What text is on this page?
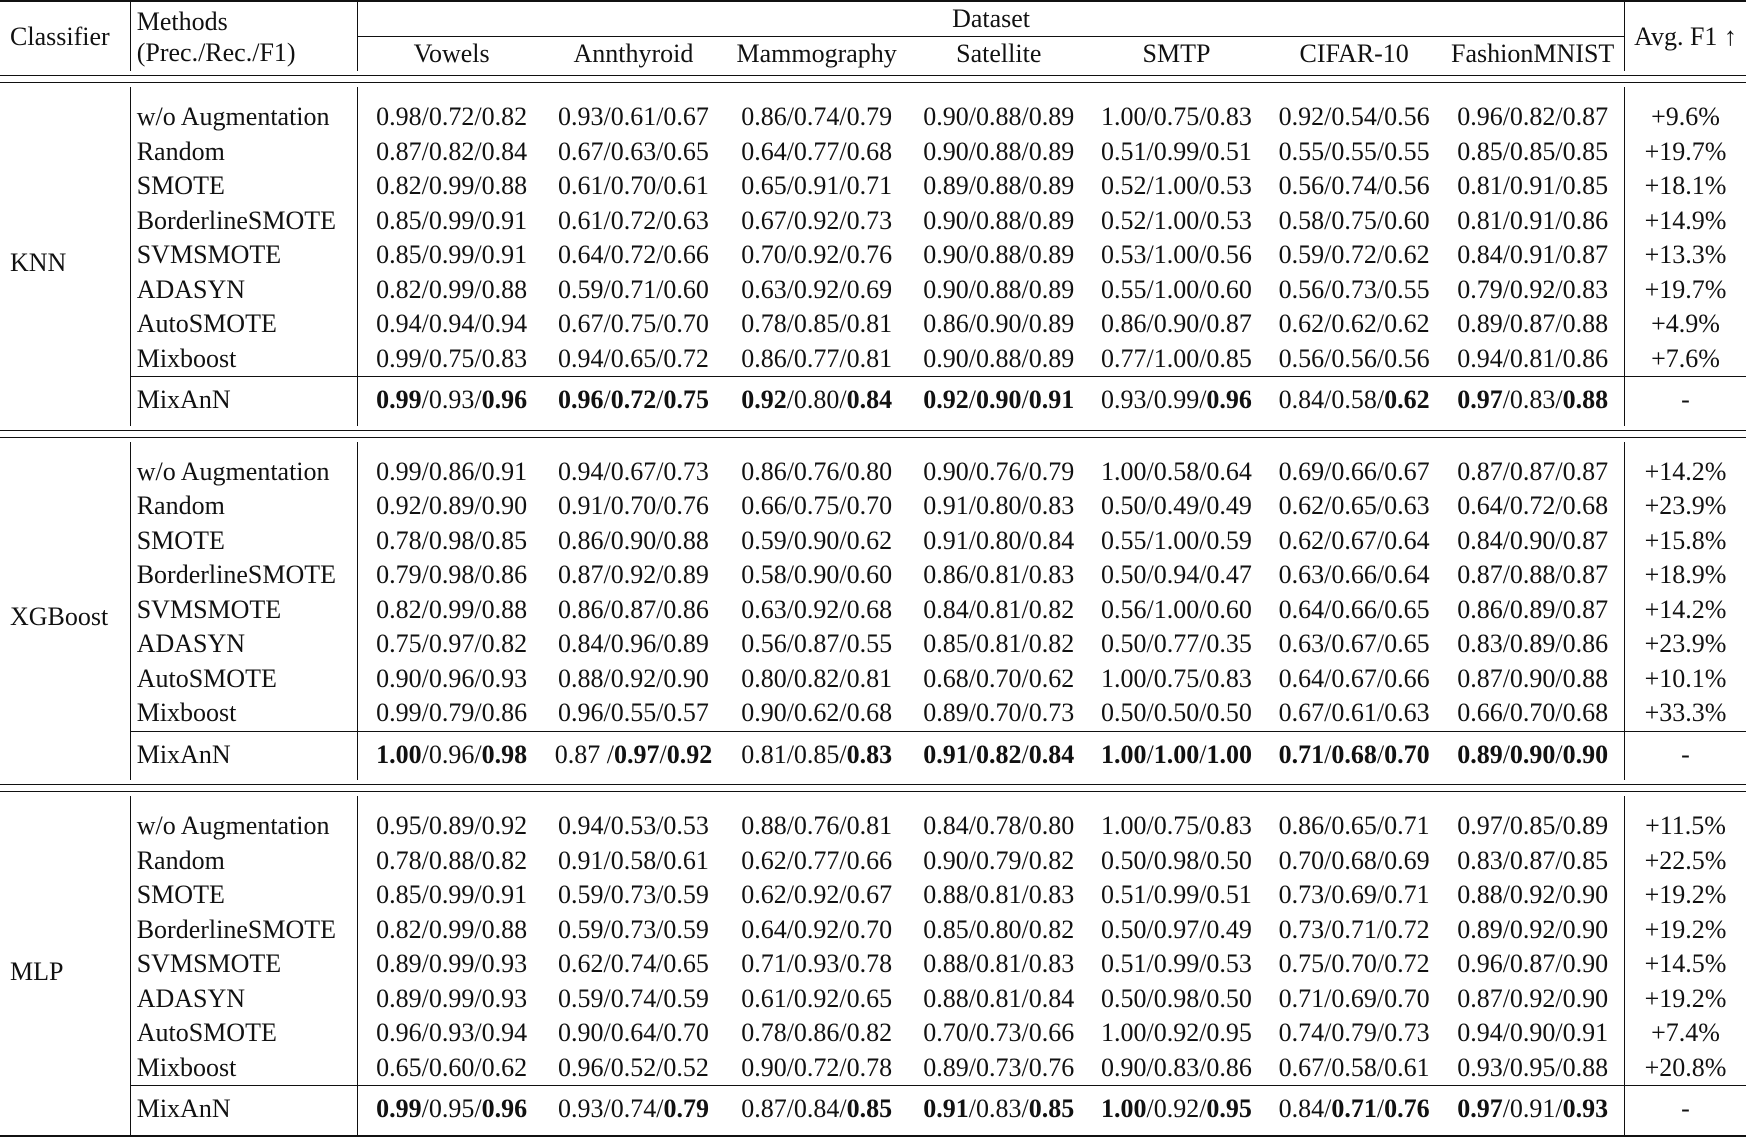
Classifier	Methods
(Prec./Rec./F1)	Dataset							Avg. F1 ↑
		Vowels	Annthyroid	Mammography	Satellite	SMTP	CIFAR-10	FashionMNIST	

KNN	w/o Augmentation	0.98/0.72/0.82	0.93/0.61/0.67	0.86/0.74/0.79	0.90/0.88/0.89	1.00/0.75/0.83	0.92/0.54/0.56	0.96/0.82/0.87	+9.6%
	Random	0.87/0.82/0.84	0.67/0.63/0.65	0.64/0.77/0.68	0.90/0.88/0.89	0.51/0.99/0.51	0.55/0.55/0.55	0.85/0.85/0.85	+19.7%
	SMOTE	0.82/0.99/0.88	0.61/0.70/0.61	0.65/0.91/0.71	0.89/0.88/0.89	0.52/1.00/0.53	0.56/0.74/0.56	0.81/0.91/0.85	+18.1%
	BorderlineSMOTE	0.85/0.99/0.91	0.61/0.72/0.63	0.67/0.92/0.73	0.90/0.88/0.89	0.52/1.00/0.53	0.58/0.75/0.60	0.81/0.91/0.86	+14.9%
	SVMSMOTE	0.85/0.99/0.91	0.64/0.72/0.66	0.70/0.92/0.76	0.90/0.88/0.89	0.53/1.00/0.56	0.59/0.72/0.62	0.84/0.91/0.87	+13.3%
	ADASYN	0.82/0.99/0.88	0.59/0.71/0.60	0.63/0.92/0.69	0.90/0.88/0.89	0.55/1.00/0.60	0.56/0.73/0.55	0.79/0.92/0.83	+19.7%
	AutoSMOTE	0.94/0.94/0.94	0.67/0.75/0.70	0.78/0.85/0.81	0.86/0.90/0.89	0.86/0.90/0.87	0.62/0.62/0.62	0.89/0.87/0.88	+4.9%
	Mixboost	0.99/0.75/0.83	0.94/0.65/0.72	0.86/0.77/0.81	0.90/0.88/0.89	0.77/1.00/0.85	0.56/0.56/0.56	0.94/0.81/0.86	+7.6%
	MixAnN	0.99/0.93/0.96	0.96/0.72/0.75	0.92/0.80/0.84	0.92/0.90/0.91	0.93/0.99/0.96	0.84/0.58/0.62	0.97/0.83/0.88	-

XGBoost	w/o Augmentation	0.99/0.86/0.91	0.94/0.67/0.73	0.86/0.76/0.80	0.90/0.76/0.79	1.00/0.58/0.64	0.69/0.66/0.67	0.87/0.87/0.87	+14.2%
	Random	0.92/0.89/0.90	0.91/0.70/0.76	0.66/0.75/0.70	0.91/0.80/0.83	0.50/0.49/0.49	0.62/0.65/0.63	0.64/0.72/0.68	+23.9%
	SMOTE	0.78/0.98/0.85	0.86/0.90/0.88	0.59/0.90/0.62	0.91/0.80/0.84	0.55/1.00/0.59	0.62/0.67/0.64	0.84/0.90/0.87	+15.8%
	BorderlineSMOTE	0.79/0.98/0.86	0.87/0.92/0.89	0.58/0.90/0.60	0.86/0.81/0.83	0.50/0.94/0.47	0.63/0.66/0.64	0.87/0.88/0.87	+18.9%
	SVMSMOTE	0.82/0.99/0.88	0.86/0.87/0.86	0.63/0.92/0.68	0.84/0.81/0.82	0.56/1.00/0.60	0.64/0.66/0.65	0.86/0.89/0.87	+14.2%
	ADASYN	0.75/0.97/0.82	0.84/0.96/0.89	0.56/0.87/0.55	0.85/0.81/0.82	0.50/0.77/0.35	0.63/0.67/0.65	0.83/0.89/0.86	+23.9%
	AutoSMOTE	0.90/0.96/0.93	0.88/0.92/0.90	0.80/0.82/0.81	0.68/0.70/0.62	1.00/0.75/0.83	0.64/0.67/0.66	0.87/0.90/0.88	+10.1%
	Mixboost	0.99/0.79/0.86	0.96/0.55/0.57	0.90/0.62/0.68	0.89/0.70/0.73	0.50/0.50/0.50	0.67/0.61/0.63	0.66/0.70/0.68	+33.3%
	MixAnN	1.00/0.96/0.98	0.87 /0.97/0.92	0.81/0.85/0.83	0.91/0.82/0.84	1.00/1.00/1.00	0.71/0.68/0.70	0.89/0.90/0.90	-

MLP	w/o Augmentation	0.95/0.89/0.92	0.94/0.53/0.53	0.88/0.76/0.81	0.84/0.78/0.80	1.00/0.75/0.83	0.86/0.65/0.71	0.97/0.85/0.89	+11.5%
	Random	0.78/0.88/0.82	0.91/0.58/0.61	0.62/0.77/0.66	0.90/0.79/0.82	0.50/0.98/0.50	0.70/0.68/0.69	0.83/0.87/0.85	+22.5%
	SMOTE	0.85/0.99/0.91	0.59/0.73/0.59	0.62/0.92/0.67	0.88/0.81/0.83	0.51/0.99/0.51	0.73/0.69/0.71	0.88/0.92/0.90	+19.2%
	BorderlineSMOTE	0.82/0.99/0.88	0.59/0.73/0.59	0.64/0.92/0.70	0.85/0.80/0.82	0.50/0.97/0.49	0.73/0.71/0.72	0.89/0.92/0.90	+19.2%
	SVMSMOTE	0.89/0.99/0.93	0.62/0.74/0.65	0.71/0.93/0.78	0.88/0.81/0.83	0.51/0.99/0.53	0.75/0.70/0.72	0.96/0.87/0.90	+14.5%
	ADASYN	0.89/0.99/0.93	0.59/0.74/0.59	0.61/0.92/0.65	0.88/0.81/0.84	0.50/0.98/0.50	0.71/0.69/0.70	0.87/0.92/0.90	+19.2%
	AutoSMOTE	0.96/0.93/0.94	0.90/0.64/0.70	0.78/0.86/0.82	0.70/0.73/0.66	1.00/0.92/0.95	0.74/0.79/0.73	0.94/0.90/0.91	+7.4%
	Mixboost	0.65/0.60/0.62	0.96/0.52/0.52	0.90/0.72/0.78	0.89/0.73/0.76	0.90/0.83/0.86	0.67/0.58/0.61	0.93/0.95/0.88	+20.8%
	MixAnN	0.99/0.95/0.96	0.93/0.74/0.79	0.87/0.84/0.85	0.91/0.83/0.85	1.00/0.92/0.95	0.84/0.71/0.76	0.97/0.91/0.93	-
